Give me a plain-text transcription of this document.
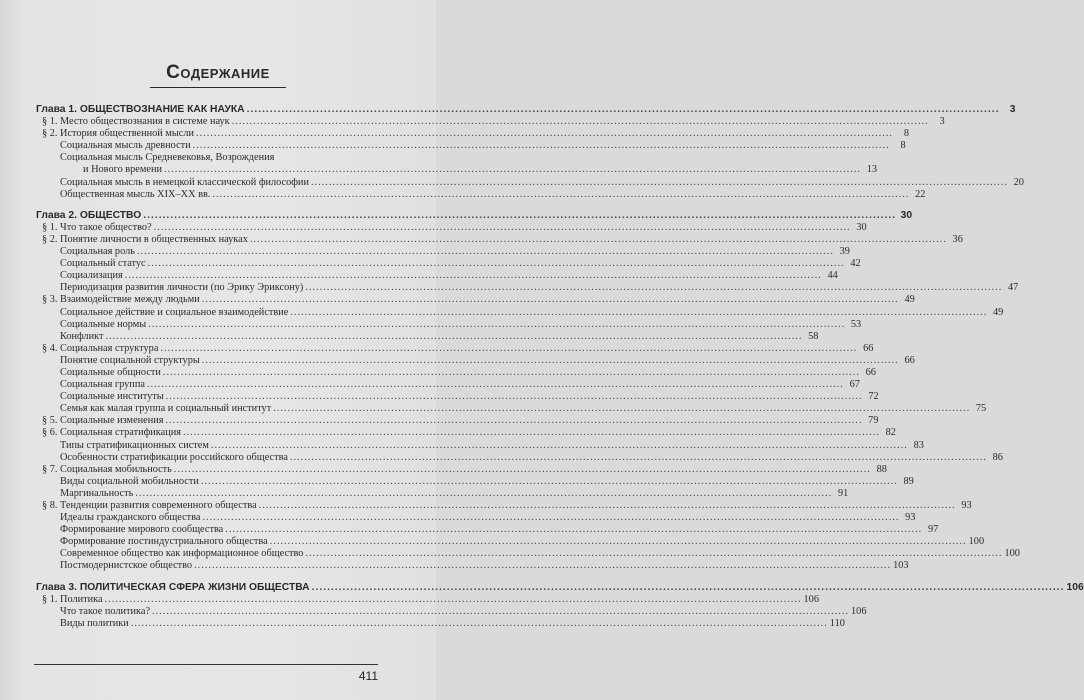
Содержание
Глава 1. ОБЩЕСТВОЗНАНИЕ КАК НАУКА .....	3
§ 1. Место обществознания в системе наук .....	3
§ 2. История общественной мысли .....	8
Социальная мысль древности .....	8
Социальная мысль Средневековья, Возрождения
и Нового времени .....	13
Социальная мысль в немецкой классической философии .....	20
Общественная мысль XIX–XX вв. .....	22
Глава 2. ОБЩЕСТВО .....	30
§ 1. Что такое общество? .....	30
§ 2. Понятие личности в общественных науках .....	36
Социальная роль .....	39
Социальный статус .....	42
Социализация .....	44
Периодизация развития личности (по Эрику Эриксону) .....	47
§ 3. Взаимодействие между людьми .....	49
Социальное действие и социальное взаимодействие .....	49
Социальные нормы .....	53
Конфликт .....	58
§ 4. Социальная структура .....	66
Понятие социальной структуры .....	66
Социальные общности .....	66
Социальная группа .....	67
Социальные институты .....	72
Семья как малая группа и социальный институт .....	75
§ 5. Социальные изменения .....	79
§ 6. Социальная стратификация .....	82
Типы стратификационных систем .....	83
Особенности стратификации российского общества .....	86
§ 7. Социальная мобильность .....	88
Виды социальной мобильности .....	89
Маргинальность .....	91
§ 8. Тенденции развития современного общества .....	93
Идеалы гражданского общества .....	93
Формирование мирового сообщества .....	97
Формирование постиндустриального общества .....	100
Современное общество как информационное общество .....	100
Постмодернистское общество .....	103
Глава 3. ПОЛИТИЧЕСКАЯ СФЕРА ЖИЗНИ ОБЩЕСТВА .....	106
§ 1. Политика .....	106
Что такое политика? .....	106
Виды политики .....	110
411
